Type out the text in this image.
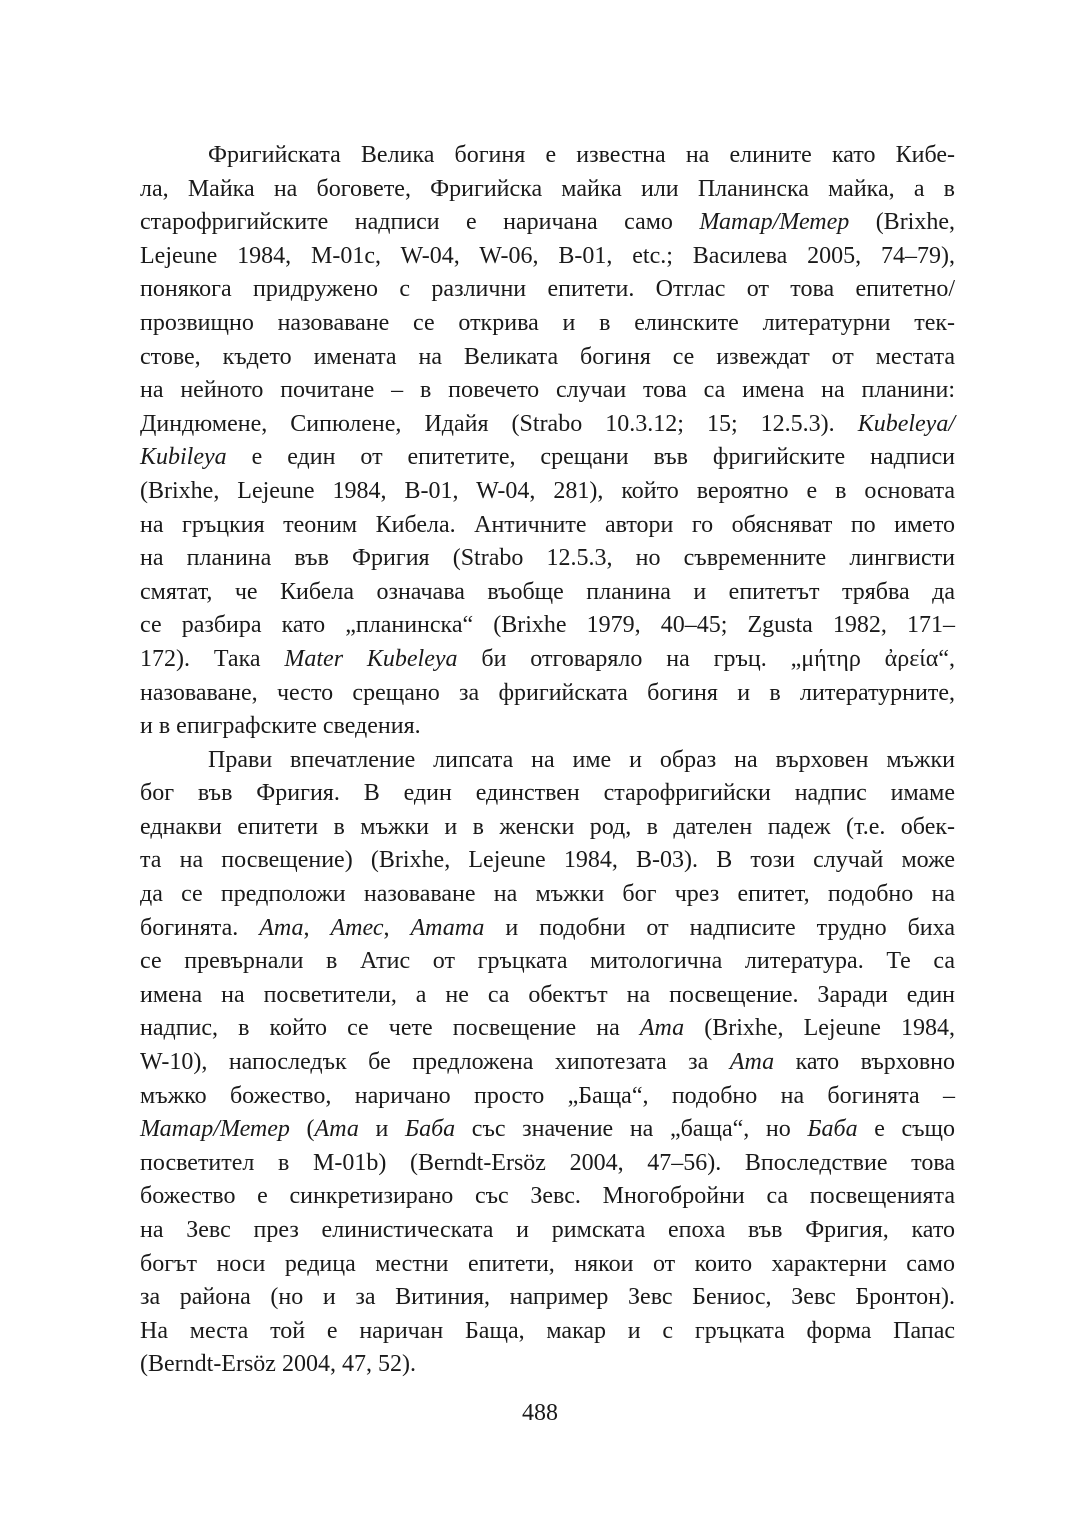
Фригийската Велика богиня е известна на елините като Кибе-
ла, Майка на боговете, Фригийска майка или Планинска майка, а в
старофригийските надписи е наричана само Матар/Метер (Brixhe,
Lejeune 1984, M-01c, W-04, W-06, B-01, etc.; Василева 2005, 74–79),
понякога придружено с различни епитети. Отглас от това епитетно/
прозвищно назоваване се открива и в елинските литературни тек-
стове, където имената на Великата богиня се извеждат от местата
на нейното почитане – в повечето случаи това са имена на планини:
Диндюмене, Сипюлене, Идайя (Strabo 10.3.12; 15; 12.5.3). Kubeleya/
Kubileya е един от епитетите, срещани във фригийските надписи
(Brixhe, Lejeune 1984, B-01, W-04, 281), който вероятно е в основата
на гръцкия теоним Кибела. Античните автори го обясняват по името
на планина във Фригия (Strabo 12.5.3, но съвременните лингвисти
смятат, че Кибела означава въобще планина и епитетът трябва да
се разбира като „планинска“ (Brixhe 1979, 40–45; Zgusta 1982, 171–
172). Така Mater Kubeleya би отговаряло на гръц. „μήτηρ ἀρεία“,
назоваване, често срещано за фригийската богиня и в литературните,
и в епиграфските сведения.
Прави впечатление липсата на име и образ на върховен мъжки
бог във Фригия. В един единствен старофригийски надпис имаме
еднакви епитети в мъжки и в женски род, в дателен падеж (т.е. обек-
та на посвещение) (Brixhe, Lejeune 1984, B-03). В този случай може
да се предположи назоваване на мъжки бог чрез епитет, подобно на
богинята. Ата, Атес, Атата и подобни от надписите трудно биха
се превърнали в Атис от гръцката митологична литература. Те са
имена на посветители, а не са обектът на посвещение. Заради един
надпис, в който се чете посвещение на Ата (Brixhe, Lejeune 1984,
W-10), напоследък бе предложена хипотезата за Ата като върховно
мъжко божество, наричано просто „Баща“, подобно на богинята –
Матар/Метер (Ата и Баба със значение на „баща“, но Баба е също
посветител в M-01b) (Berndt-Ersöz 2004, 47–56). Впоследствие това
божество е синкретизирано със Зевс. Многобройни са посвещенията
на Зевс през елинистическата и римската епоха във Фригия, като
богът носи редица местни епитети, някои от които характерни само
за района (но и за Витиния, например Зевс Бениос, Зевс Бронтон).
На места той е наричан Баща, макар и с гръцката форма Папас
(Berndt-Ersöz 2004, 47, 52).
488
